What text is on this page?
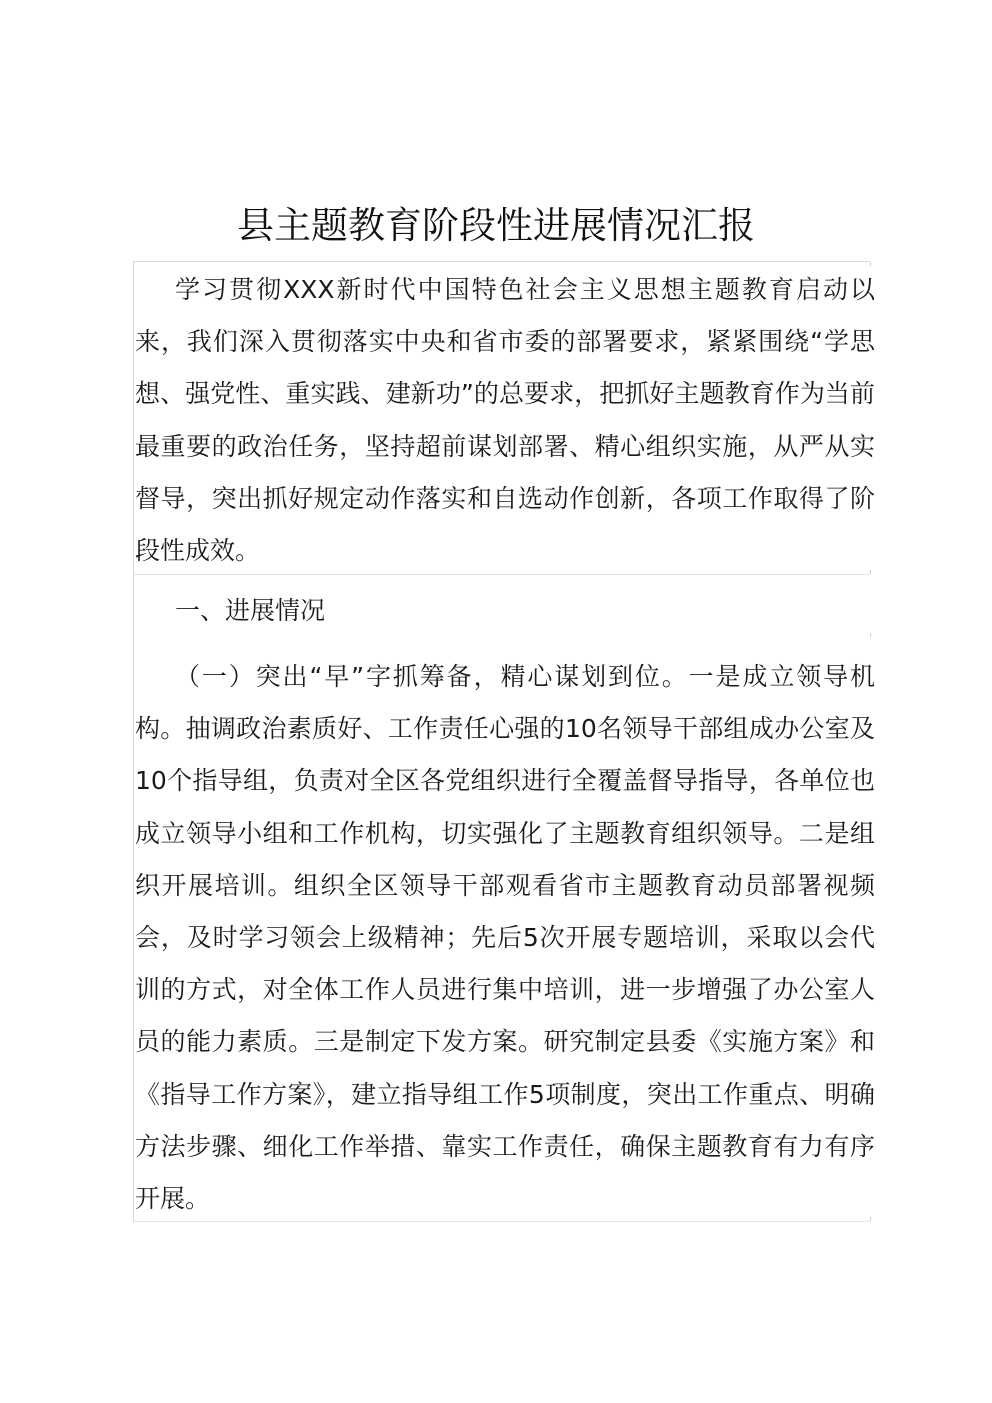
县主题教育阶段性进展情况汇报

学习贯彻XXX新时代中国特色社会主义思想主题教育启动以来，我们深入贯彻落实中央和省市委的部署要求，紧紧围绕“学思想、强党性、重实践、建新功”的总要求，把抓好主题教育作为当前最重要的政治任务，坚持超前谋划部署、精心组织实施，从严从实督导，突出抓好规定动作落实和自选动作创新，各项工作取得了阶段性成效。

一、进展情况

（一）突出“早”字抓筹备，精心谋划到位。一是成立领导机构。抽调政治素质好、工作责任心强的10名领导干部组成办公室及10个指导组，负责对全区各党组织进行全覆盖督导指导，各单位也成立领导小组和工作机构，切实强化了主题教育组织领导。二是组织开展培训。组织全区领导干部观看省市主题教育动员部署视频会，及时学习领会上级精神；先后5次开展专题培训，采取以会代训的方式，对全体工作人员进行集中培训，进一步增强了办公室人员的能力素质。三是制定下发方案。研究制定县委《实施方案》和《指导工作方案》，建立指导组工作5项制度，突出工作重点、明确方法步骤、细化工作举措、靠实工作责任，确保主题教育有力有序开展。
